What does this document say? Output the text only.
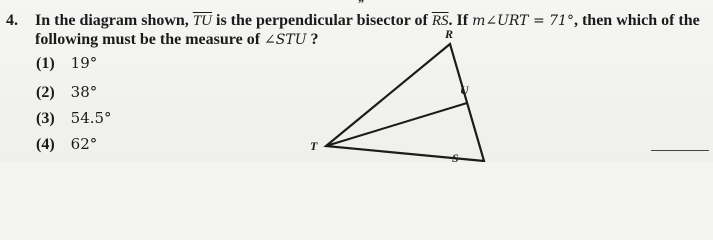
”
4. In the diagram shown, $\overline{TU}$ is the perpendicular bisector of $\overline{RS}$. If m∠URT = 71°, then which of the
following must be the measure of ∠STU ?
(1) 19°
(2) 38°
(3) 54.5°
(4) 62°
R
U
T
S
